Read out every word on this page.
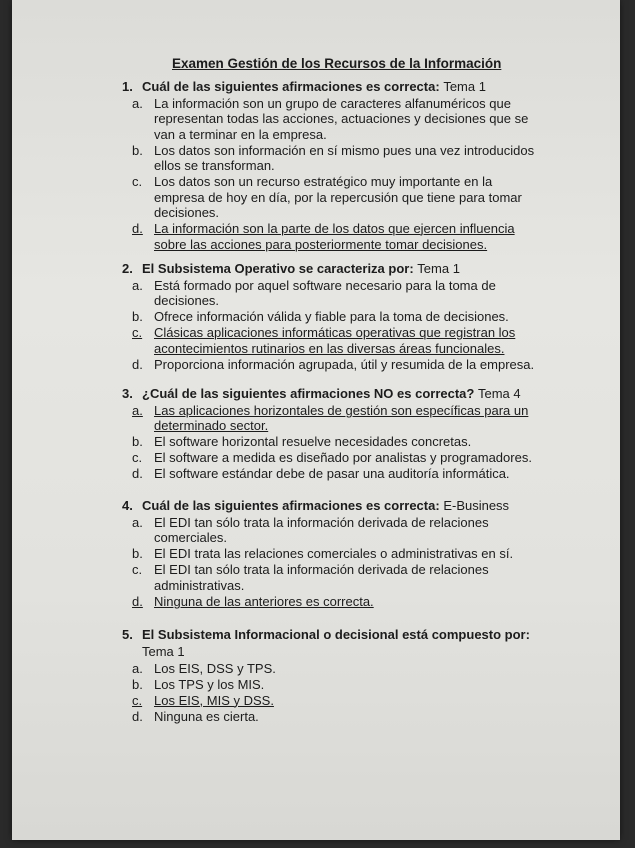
Examen Gestión de los Recursos de la Información
1. Cuál de las siguientes afirmaciones es correcta: Tema 1
a. La información son un grupo de caracteres alfanuméricos que representan todas las acciones, actuaciones y decisiones que se van a terminar en la empresa.
b. Los datos son información en sí mismo pues una vez introducidos ellos se transforman.
c. Los datos son un recurso estratégico muy importante en la empresa de hoy en día, por la repercusión que tiene para tomar decisiones.
d. La información son la parte de los datos que ejercen influencia sobre las acciones para posteriormente tomar decisiones.
2. El Subsistema Operativo se caracteriza por: Tema 1
a. Está formado por aquel software necesario para la toma de decisiones.
b. Ofrece información válida y fiable para la toma de decisiones.
c. Clásicas aplicaciones informáticas operativas que registran los acontecimientos rutinarios en las diversas áreas funcionales.
d. Proporciona información agrupada, útil y resumida de la empresa.
3. ¿Cuál de las siguientes afirmaciones NO es correcta? Tema 4
a. Las aplicaciones horizontales de gestión son específicas para un determinado sector.
b. El software horizontal resuelve necesidades concretas.
c. El software a medida es diseñado por analistas y programadores.
d. El software estándar debe de pasar una auditoría informática.
4. Cuál de las siguientes afirmaciones es correcta: E-Business
a. El EDI tan sólo trata la información derivada de relaciones comerciales.
b. El EDI trata las relaciones comerciales o administrativas en sí.
c. El EDI tan sólo trata la información derivada de relaciones administrativas.
d. Ninguna de las anteriores es correcta.
5. El Subsistema Informacional o decisional está compuesto por:
Tema 1
a. Los EIS, DSS y TPS.
b. Los TPS y los MIS.
c. Los EIS, MIS y DSS.
d. Ninguna es cierta.
